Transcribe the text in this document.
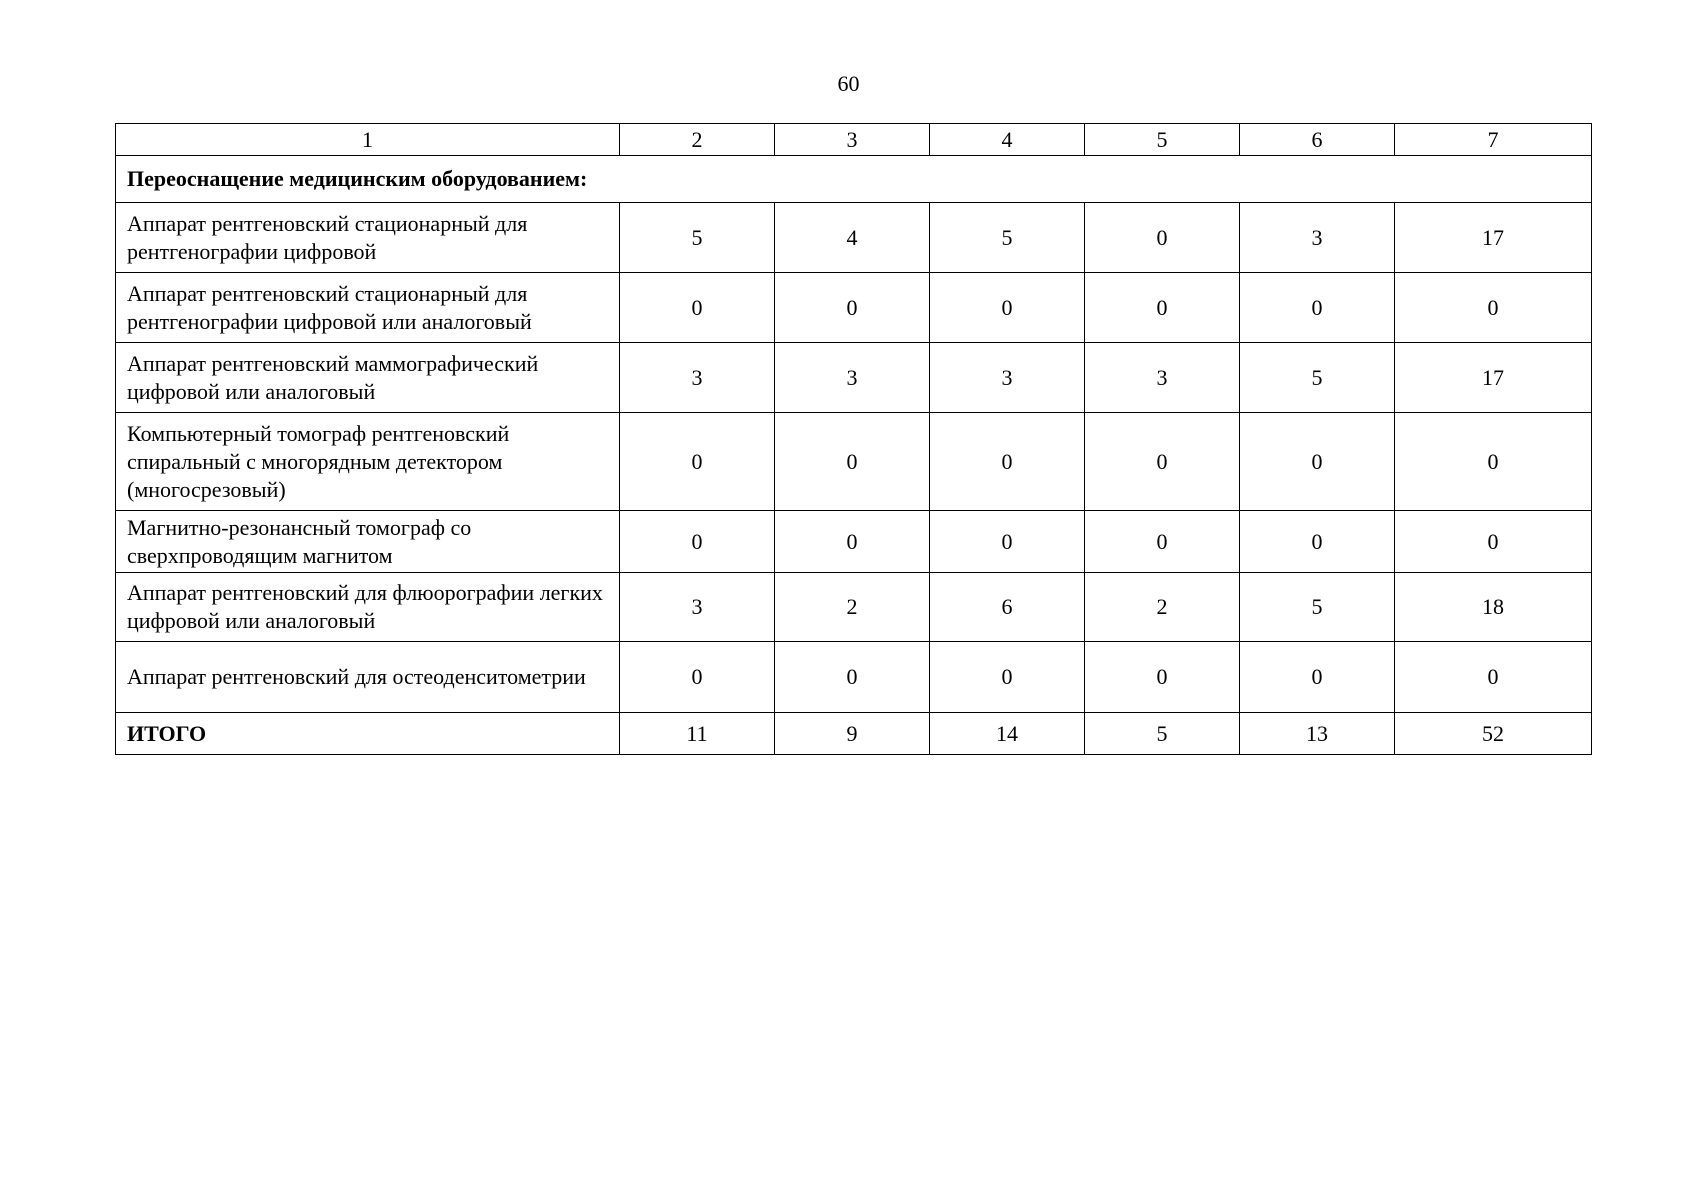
60
1	2	3	4	5	6	7
Переоснащение медицинским оборудованием:						
Аппарат рентгеновский стационарный для рентгенографии цифровой	5	4	5	0	3	17
Аппарат рентгеновский стационарный для рентгенографии цифровой или аналоговый	0	0	0	0	0	0
Аппарат рентгеновский маммографический цифровой или аналоговый	3	3	3	3	5	17
Компьютерный томограф рентгеновский спиральный с многорядным детектором (многосрезовый)	0	0	0	0	0	0
Магнитно-резонансный томограф со сверхпроводящим магнитом	0	0	0	0	0	0
Аппарат рентгеновский для флюорографии легких цифровой или аналоговый	3	2	6	2	5	18
Аппарат рентгеновский для остеоденситометрии	0	0	0	0	0	0
ИТОГО	11	9	14	5	13	52
